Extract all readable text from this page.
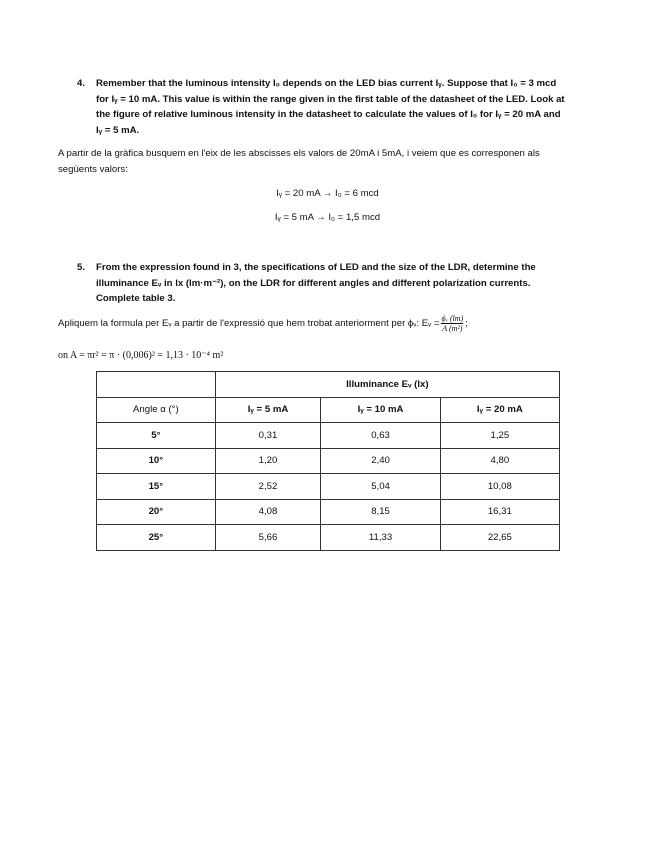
4. Remember that the luminous intensity I₀ depends on the LED bias current Iᵧ. Suppose that I₀ = 3 mcd
for Iᵧ = 10 mA. This value is within the range given in the first table of the datasheet of the LED. Look at
the figure of relative luminous intensity in the datasheet to calculate the values of I₀ for Iᵧ = 20 mA and
Iᵧ = 5 mA.
A partir de la gràfica busquem en l'eix de les abscisses els valors de 20mA i 5mA, i veiem que es corresponen als
següents valors:
Iᵧ = 20 mA → I₀ = 6 mcd
Iᵧ = 5 mA → I₀ = 1,5 mcd
5. From the expression found in 3, the specifications of LED and the size of the LDR, determine the
illuminance Eᵥ in lx (lm·m⁻²), on the LDR for different angles and different polarization currents.
Complete table 3.
Apliquem la formula per Eᵥ a partir de l'expressió que hem trobat anteriorment per ϕᵥ: Eᵥ = $\frac{\text{ϕᵥ (lm)}}{\text{A (m²)}}$ ;
on A = πr² = π · (0,006)² = 1,13 · 10⁻⁴ m²
	Illuminance Eᵥ (lx)		
Angle α (°)	Iᵧ = 5 mA	Iᵧ = 10 mA	Iᵧ = 20 mA
5°	0,31	0,63	1,25
10°	1,20	2,40	4,80
15°	2,52	5,04	10,08
20°	4,08	8,15	16,31
25°	5,66	11,33	22,65
